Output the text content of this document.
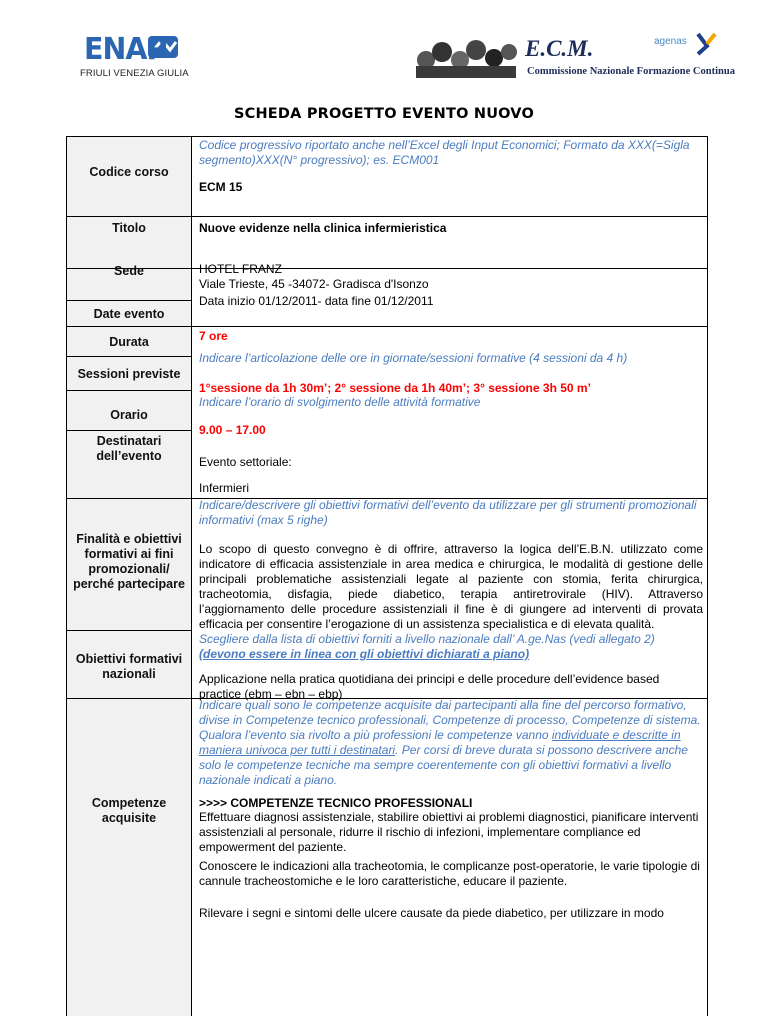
ENAP
FRIULI VENEZIA GIULIA
E.C.M.
Commissione Nazionale Formazione Continua
agenas
SCHEDA PROGETTO EVENTO NUOVO
Codice corso
Titolo
Sede
Date evento
Durata
Sessioni previste
Orario
Destinatari dell’evento
Finalità e obiettivi formativi ai fini promozionali/ perché partecipare
Obiettivi formativi nazionali
Competenze acquisite
Codice progressivo riportato anche nell’Excel degli Input Economici; Formato da XXX(=Sigla segmento)XXX(N° progressivo); es. ECM001
ECM 15
Nuove evidenze nella clinica infermieristica
HOTEL FRANZ
Viale Trieste, 45 -34072- Gradisca d'Isonzo
Data inizio 01/12/2011- data fine 01/12/2011
7 ore
Indicare l’articolazione delle ore in giornate/sessioni formative (4 sessioni da 4 h)
1°sessione da 1h 30m’; 2° sessione da 1h 40m’; 3° sessione 3h 50 m’
Indicare l’orario di svolgimento delle attività formative
9.00 – 17.00
Evento settoriale:
Infermieri
Indicare/descrivere gli obiettivi formativi dell’evento da utilizzare per gli strumenti promozionali informativi (max 5 righe)
Lo scopo di questo convegno è di offrire, attraverso la logica dell’E.B.N. utilizzato come indicatore di efficacia assistenziale in area medica e chirurgica, le modalità di gestione delle principali problematiche assistenziali legate al paziente con stomia, ferita chirurgica, tracheotomia, disfagia, piede diabetico, terapia antiretrovirale (HIV). Attraverso l’aggiornamento delle procedure assistenziali il fine è di giungere ad interventi di provata efficacia per consentire l’erogazione di un assistenza specialistica e di elevata qualità.
Scegliere dalla lista di obiettivi forniti a livello nazionale dall’ A.ge.Nas (vedi allegato 2)
(devono essere in linea con gli obiettivi dichiarati a piano)
Applicazione nella pratica quotidiana dei principi e delle procedure dell’evidence based practice (ebm – ebn – ebp)
Indicare quali sono le competenze acquisite dai partecipanti alla fine del percorso formativo, divise in Competenze tecnico professionali, Competenze di processo, Competenze di sistema. Qualora l’evento sia rivolto a più professioni le competenze vanno individuate e descritte in maniera univoca per tutti i destinatari. Per corsi di breve durata si possono descrivere anche solo le competenze tecniche ma sempre coerentemente con gli obiettivi formativi a livello nazionale indicati a piano.
>>>> COMPETENZE TECNICO PROFESSIONALI
Effettuare diagnosi assistenziale, stabilire obiettivi ai problemi diagnostici, pianificare interventi assistenziali al personale, ridurre il rischio di infezioni, implementare compliance ed empowerment del paziente.
Conoscere le indicazioni alla tracheotomia, le complicanze post-operatorie, le varie tipologie di cannule tracheostomiche e le loro caratteristiche, educare il paziente.
Rilevare i segni e sintomi delle ulcere causate da piede diabetico, per utilizzare in modo
